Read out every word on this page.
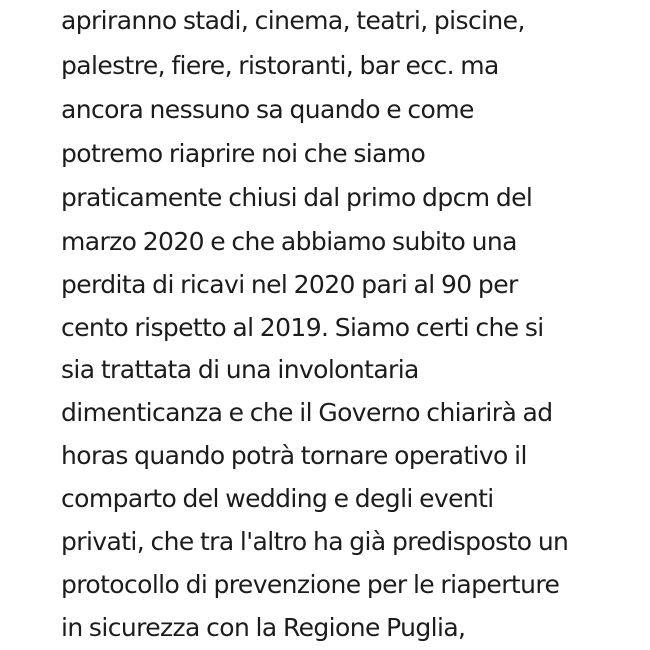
apriranno stadi, cinema, teatri, piscine,
palestre, fiere, ristoranti, bar ecc. ma
ancora nessuno sa quando e come
potremo riaprire noi che siamo
praticamente chiusi dal primo dpcm del
marzo 2020 e che abbiamo subito una
perdita di ricavi nel 2020 pari al 90 per
cento rispetto al 2019. Siamo certi che si
sia trattata di una involontaria
dimenticanza e che il Governo chiarirà ad
horas quando potrà tornare operativo il
comparto del wedding e degli eventi
privati, che tra l'altro ha già predisposto un
protocollo di prevenzione per le riaperture
in sicurezza con la Regione Puglia,
